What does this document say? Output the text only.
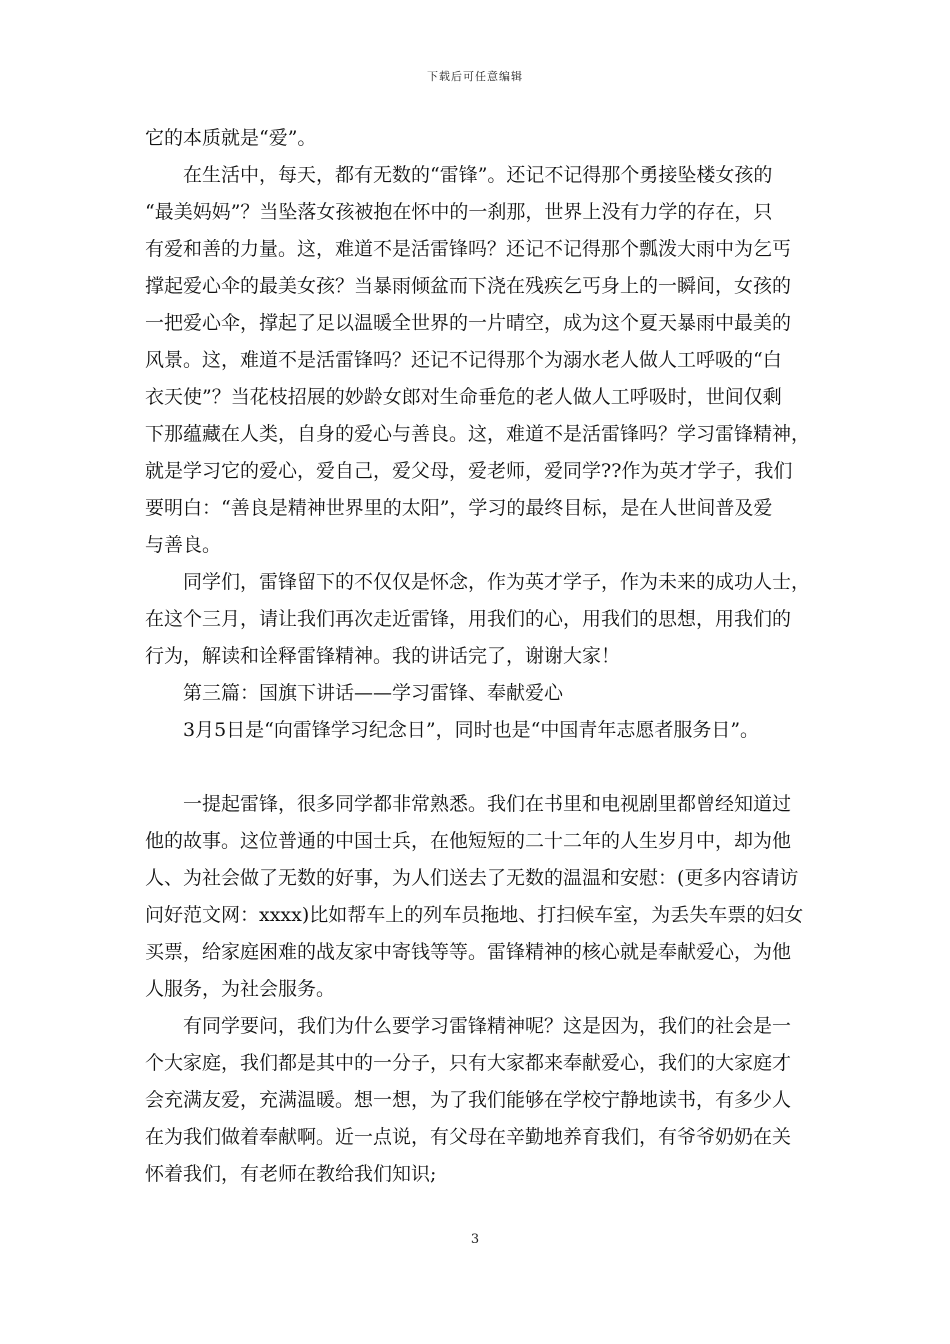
下载后可任意编辑
它的本质就是“爱”。
在生活中，每天，都有无数的“雷锋”。还记不记得那个勇接坠楼女孩的
“最美妈妈”？当坠落女孩被抱在怀中的一刹那，世界上没有力学的存在，只
有爱和善的力量。这，难道不是活雷锋吗？还记不记得那个瓢泼大雨中为乞丐
撑起爱心伞的最美女孩？当暴雨倾盆而下浇在残疾乞丐身上的一瞬间，女孩的
一把爱心伞，撑起了足以温暖全世界的一片晴空，成为这个夏天暴雨中最美的
风景。这，难道不是活雷锋吗？还记不记得那个为溺水老人做人工呼吸的“白
衣天使”？当花枝招展的妙龄女郎对生命垂危的老人做人工呼吸时，世间仅剩
下那蕴藏在人类，自身的爱心与善良。这，难道不是活雷锋吗？学习雷锋精神，
就是学习它的爱心，爱自己，爱父母，爱老师，爱同学??作为英才学子，我们
要明白：“善良是精神世界里的太阳”，学习的最终目标，是在人世间普及爱
与善良。
同学们，雷锋留下的不仅仅是怀念，作为英才学子，作为未来的成功人士，
在这个三月，请让我们再次走近雷锋，用我们的心，用我们的思想，用我们的
行为，解读和诠释雷锋精神。我的讲话完了，谢谢大家！
第三篇：国旗下讲话——学习雷锋、奉献爱心
3月5日是“向雷锋学习纪念日”，同时也是“中国青年志愿者服务日”。
一提起雷锋，很多同学都非常熟悉。我们在书里和电视剧里都曾经知道过
他的故事。这位普通的中国士兵，在他短短的二十二年的人生岁月中，却为他
人、为社会做了无数的好事，为人们送去了无数的温温和安慰：(更多内容请访
问好范文网：xxxx)比如帮车上的列车员拖地、打扫候车室，为丢失车票的妇女
买票，给家庭困难的战友家中寄钱等等。雷锋精神的核心就是奉献爱心，为他
人服务，为社会服务。
有同学要问，我们为什么要学习雷锋精神呢？这是因为，我们的社会是一
个大家庭，我们都是其中的一分子，只有大家都来奉献爱心，我们的大家庭才
会充满友爱，充满温暖。想一想，为了我们能够在学校宁静地读书，有多少人
在为我们做着奉献啊。近一点说，有父母在辛勤地养育我们，有爷爷奶奶在关
怀着我们，有老师在教给我们知识;
3
